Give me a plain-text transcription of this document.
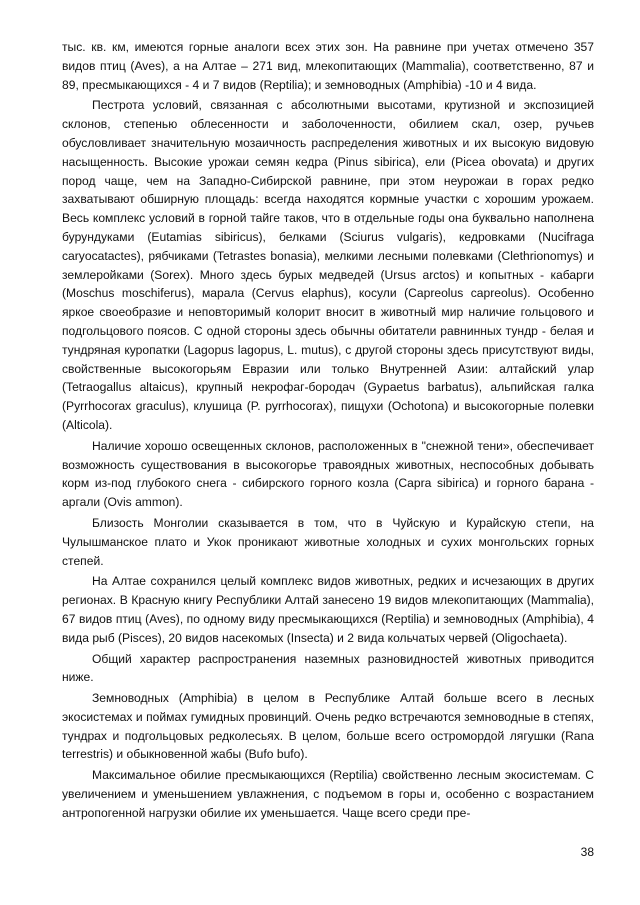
тыс. кв. км, имеются горные аналоги всех этих зон. На равнине при учетах отмечено 357 видов птиц (Aves), а на Алтае – 271 вид, млекопитающих (Mammalia), соответственно, 87 и 89, пресмыкающихся - 4 и 7 видов (Reptilia); и земноводных (Amphibia) -10 и 4 вида.

Пестрота условий, связанная с абсолютными высотами, крутизной и экспозицией склонов, степенью облесенности и заболоченности, обилием скал, озер, ручьев обусловливает значительную мозаичность распределения животных и их высокую видовую насыщенность. Высокие урожаи семян кедра (Pinus sibirica), ели (Picea obovata) и других пород чаще, чем на Западно-Сибирской равнине, при этом неурожаи в горах редко захватывают обширную площадь: всегда находятся кормные участки с хорошим урожаем. Весь комплекс условий в горной тайге таков, что в отдельные годы она буквально наполнена бурундуками (Eutamias sibiricus), белками (Sciurus vulgaris), кедровками (Nucifraga caryocatactes), рябчиками (Tetrastes bonasia), мелкими лесными полевками (Clethrionomys) и землеройками (Sorex). Много здесь бурых медведей (Ursus arctos) и копытных - кабарги (Moschus moschiferus), марала (Cervus elaphus), косули (Capreolus capreolus). Особенно яркое своеобразие и неповторимый колорит вносит в животный мир наличие гольцового и подгольцового поясов. С одной стороны здесь обычны обитатели равнинных тундр - белая и тундряная куропатки (Lagopus lagopus, L. mutus), с другой стороны здесь присутствуют виды, свойственные высокогорьям Евразии или только Внутренней Азии: алтайский улар (Tetraogallus altaicus), крупный некрофаг-бородач (Gypaetus barbatus), альпийская галка (Pyrrhocorax graculus), клушица (P. pyrrhocorax), пищухи (Ochotona) и высокогорные полевки (Alticola).

Наличие хорошо освещенных склонов, расположенных в "снежной тени», обеспечивает возможность существования в высокогорье травоядных животных, неспособных добывать корм из-под глубокого снега - сибирского горного козла (Capra sibirica) и горного барана - аргали (Ovis ammon).

Близость Монголии сказывается в том, что в Чуйскую и Курайскую степи, на Чулышманское плато и Укок проникают животные холодных и сухих монгольских горных степей.

На Алтае сохранился целый комплекс видов животных, редких и исчезающих в других регионах. В Красную книгу Республики Алтай занесено 19 видов млекопитающих (Mammalia), 67 видов птиц (Aves), по одному виду пресмыкающихся (Reptilia) и земноводных (Amphibia), 4 вида рыб (Pisces), 20 видов насекомых (Insecta) и 2 вида кольчатых червей (Oligochaeta).

Общий характер распространения наземных разновидностей животных приводится ниже.

Земноводных (Amphibia) в целом в Республике Алтай больше всего в лесных экосистемах и поймах гумидных провинций. Очень редко встречаются земноводные в степях, тундрах и подгольцовых редколесьях. В целом, больше всего остромордой лягушки (Rana terrestris) и обыкновенной жабы (Bufo bufo).

Максимальное обилие пресмыкающихся (Reptilia) свойственно лесным экосистемам. С увеличением и уменьшением увлажнения, с подъемом в горы и, особенно с возрастанием антропогенной нагрузки обилие их уменьшается. Чаще всего среди пре-

38
